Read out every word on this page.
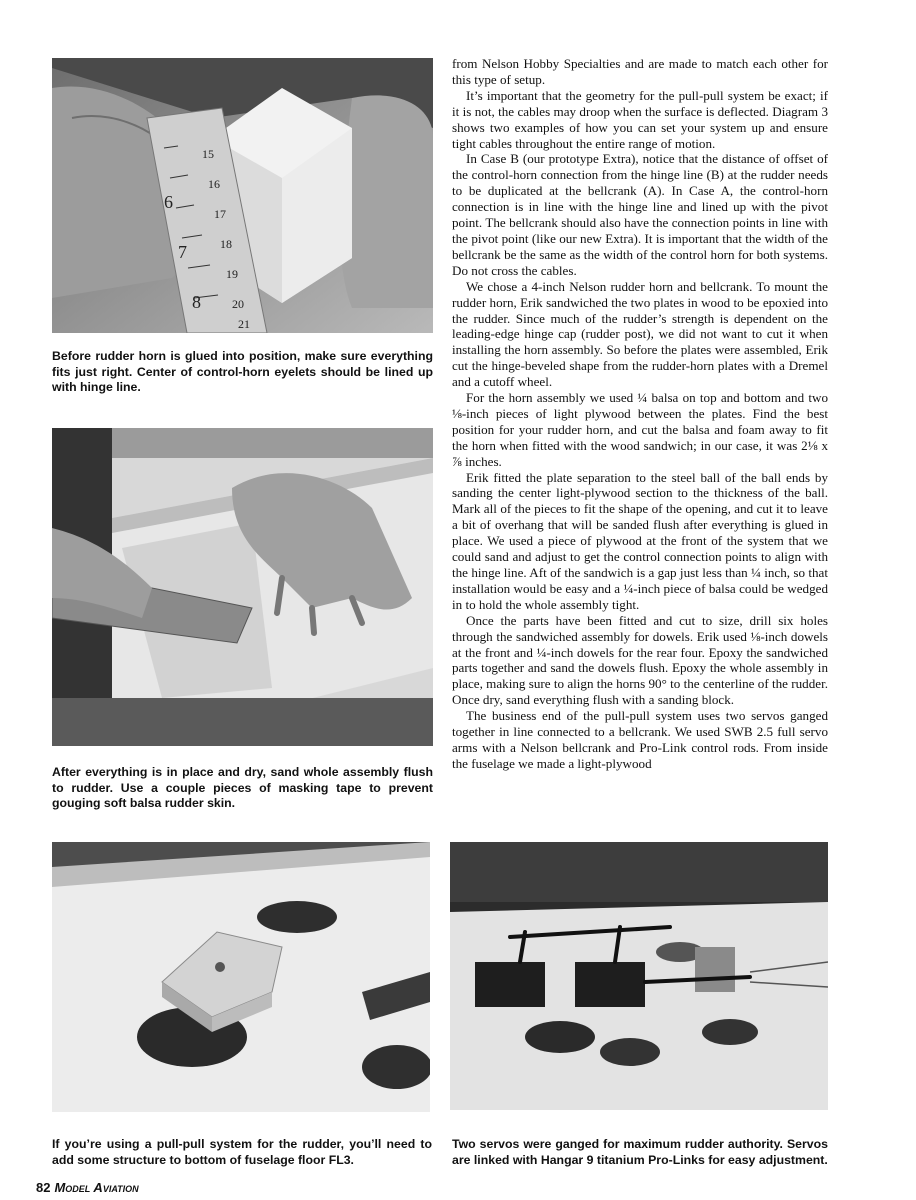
15
16
17
18
19
20
21
6
7
8

Before rudder horn is glued into position, make sure everything fits just right. Center of control-horn eyelets should be lined up with hinge line.

After everything is in place and dry, sand whole assembly flush to rudder. Use a couple pieces of masking tape to prevent gouging soft balsa rudder skin.

from Nelson Hobby Specialties and are made to match each other for this type of setup.

It’s important that the geometry for the pull-pull system be exact; if it is not, the cables may droop when the surface is deflected. Diagram 3 shows two examples of how you can set your system up and ensure tight cables throughout the entire range of motion.

In Case B (our prototype Extra), notice that the distance of offset of the control-horn connection from the hinge line (B) at the rudder needs to be duplicated at the bellcrank (A). In Case A, the control-horn connection is in line with the hinge line and lined up with the pivot point. The bellcrank should also have the connection points in line with the pivot point (like our new Extra). It is important that the width of the bellcrank be the same as the width of the control horn for both systems. Do not cross the cables.

We chose a 4-inch Nelson rudder horn and bellcrank. To mount the rudder horn, Erik sandwiched the two plates in wood to be epoxied into the rudder. Since much of the rudder’s strength is dependent on the leading-edge hinge cap (rudder post), we did not want to cut it when installing the horn assembly. So before the plates were assembled, Erik cut the hinge-beveled shape from the rudder-horn plates with a Dremel and a cutoff wheel.

For the horn assembly we used ¼ balsa on top and bottom and two ⅛-inch pieces of light plywood between the plates. Find the best position for your rudder horn, and cut the balsa and foam away to fit the horn when fitted with the wood sandwich; in our case, it was 2⅛ x ⅞ inches.

Erik fitted the plate separation to the steel ball of the ball ends by sanding the center light-plywood section to the thickness of the ball. Mark all of the pieces to fit the shape of the opening, and cut it to leave a bit of overhang that will be sanded flush after everything is glued in place. We used a piece of plywood at the front of the system that we could sand and adjust to get the control connection points to align with the hinge line. Aft of the sandwich is a gap just less than ¼ inch, so that installation would be easy and a ¼-inch piece of balsa could be wedged in to hold the whole assembly tight.

Once the parts have been fitted and cut to size, drill six holes through the sandwiched assembly for dowels. Erik used ⅛-inch dowels at the front and ¼-inch dowels for the rear four. Epoxy the sandwiched parts together and sand the dowels flush. Epoxy the whole assembly in place, making sure to align the horns 90° to the centerline of the rudder. Once dry, sand everything flush with a sanding block.

The business end of the pull-pull system uses two servos ganged together in line connected to a bellcrank. We used SWB 2.5 full servo arms with a Nelson bellcrank and Pro-Link control rods. From inside the fuselage we made a light-plywood

If you’re using a pull-pull system for the rudder, you’ll need to add some structure to bottom of fuselage floor FL3.

Two servos were ganged for maximum rudder authority. Servos are linked with Hangar 9 titanium Pro-Links for easy adjustment.

82 Model Aviation
